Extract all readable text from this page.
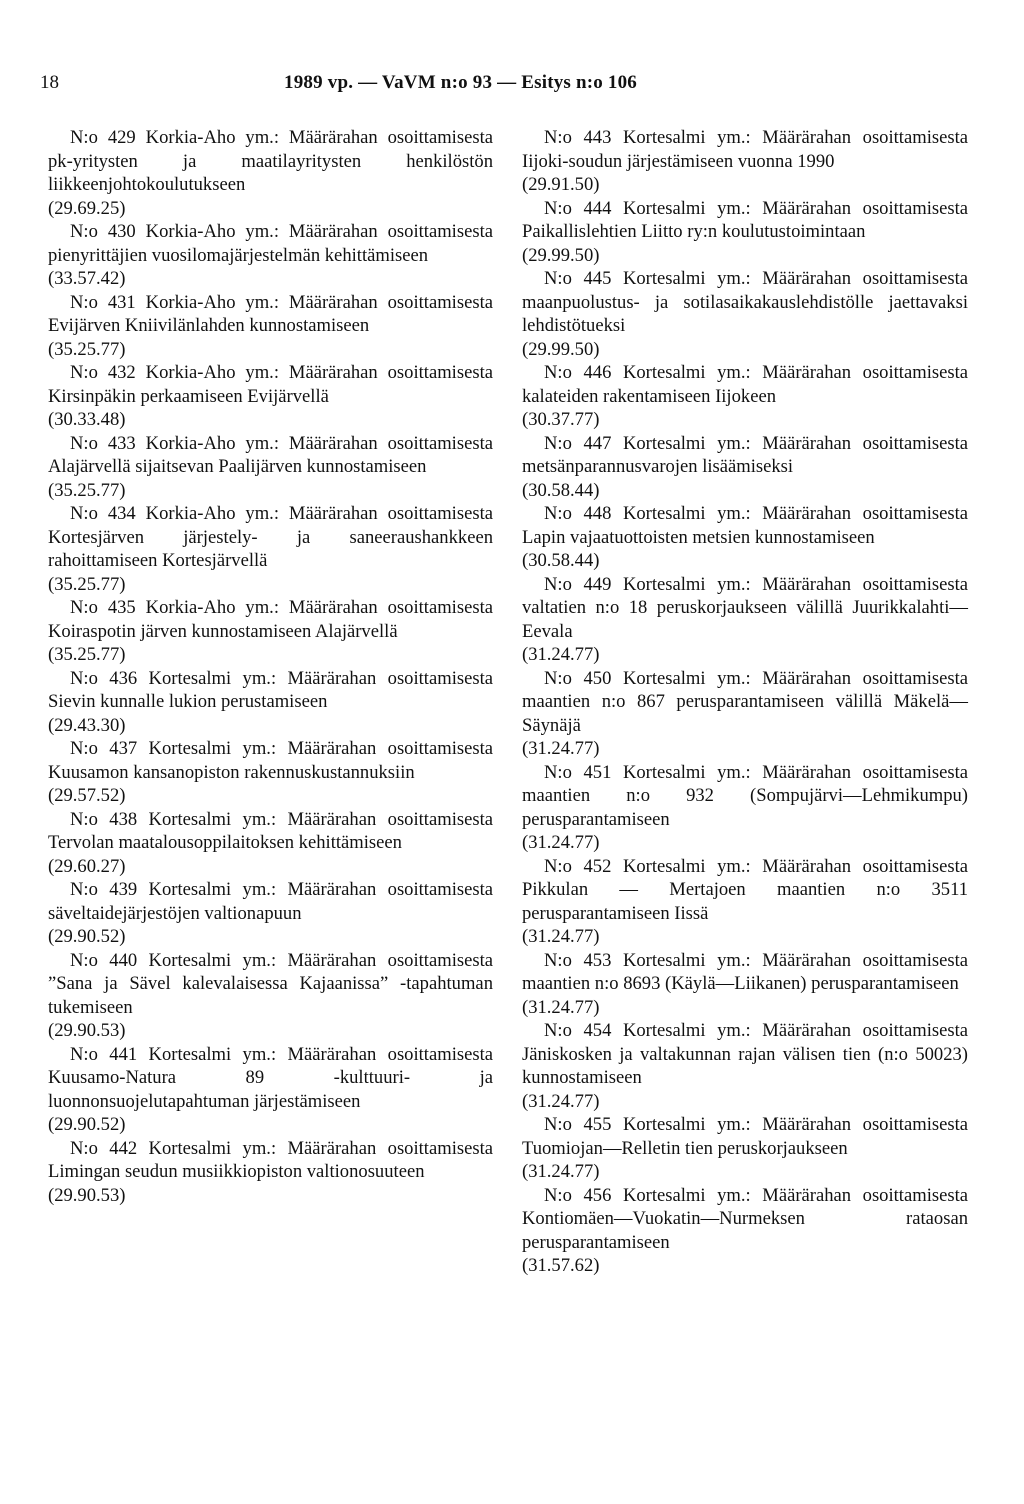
18	1989 vp. — VaVM n:o 93 — Esitys n:o 106

N:o 429 Korkia-Aho ym.: Määrärahan osoittamisesta pk-yritysten ja maatilayritysten henkilöstön liikkeenjohtokoulutukseen

(29.69.25)

N:o 430 Korkia-Aho ym.: Määrärahan osoittamisesta pienyrittäjien vuosilomajärjestelmän kehittämiseen

(33.57.42)

N:o 431 Korkia-Aho ym.: Määrärahan osoittamisesta Evijärven Kniivilänlahden kunnostamiseen

(35.25.77)

N:o 432 Korkia-Aho ym.: Määrärahan osoittamisesta Kirsinpäkin perkaamiseen Evijärvellä

(30.33.48)

N:o 433 Korkia-Aho ym.: Määrärahan osoittamisesta Alajärvellä sijaitsevan Paalijärven kunnostamiseen

(35.25.77)

N:o 434 Korkia-Aho ym.: Määrärahan osoittamisesta Kortesjärven järjestely- ja saneeraushankkeen rahoittamiseen Kortesjärvellä

(35.25.77)

N:o 435 Korkia-Aho ym.: Määrärahan osoittamisesta Koiraspotin järven kunnostamiseen Alajärvellä

(35.25.77)

N:o 436 Kortesalmi ym.: Määrärahan osoittamisesta Sievin kunnalle lukion perustamiseen

(29.43.30)

N:o 437 Kortesalmi ym.: Määrärahan osoittamisesta Kuusamon kansanopiston rakennuskustannuksiin

(29.57.52)

N:o 438 Kortesalmi ym.: Määrärahan osoittamisesta Tervolan maatalousoppilaitoksen kehittämiseen

(29.60.27)

N:o 439 Kortesalmi ym.: Määrärahan osoittamisesta säveltaidejärjestöjen valtionapuun

(29.90.52)

N:o 440 Kortesalmi ym.: Määrärahan osoittamisesta ”Sana ja Sävel kalevalaisessa Kajaanissa” -tapahtuman tukemiseen

(29.90.53)

N:o 441 Kortesalmi ym.: Määrärahan osoittamisesta Kuusamo-Natura 89 -kulttuuri- ja luonnonsuojelutapahtuman järjestämiseen

(29.90.52)

N:o 442 Kortesalmi ym.: Määrärahan osoittamisesta Limingan seudun musiikkiopiston valtionosuuteen

(29.90.53)

N:o 443 Kortesalmi ym.: Määrärahan osoittamisesta Iijoki-soudun järjestämiseen vuonna 1990

(29.91.50)

N:o 444 Kortesalmi ym.: Määrärahan osoittamisesta Paikallislehtien Liitto ry:n koulutustoimintaan

(29.99.50)

N:o 445 Kortesalmi ym.: Määrärahan osoittamisesta maanpuolustus- ja sotilasaikakauslehdistölle jaettavaksi lehdistötueksi

(29.99.50)

N:o 446 Kortesalmi ym.: Määrärahan osoittamisesta kalateiden rakentamiseen Iijokeen

(30.37.77)

N:o 447 Kortesalmi ym.: Määrärahan osoittamisesta metsänparannusvarojen lisäämiseksi

(30.58.44)

N:o 448 Kortesalmi ym.: Määrärahan osoittamisesta Lapin vajaatuottoisten metsien kunnostamiseen

(30.58.44)

N:o 449 Kortesalmi ym.: Määrärahan osoittamisesta valtatien n:o 18 peruskorjaukseen välillä Juurikkalahti—Eevala

(31.24.77)

N:o 450 Kortesalmi ym.: Määrärahan osoittamisesta maantien n:o 867 perusparantamiseen välillä Mäkelä—Säynäjä

(31.24.77)

N:o 451 Kortesalmi ym.: Määrärahan osoittamisesta maantien n:o 932 (Sompujärvi—Lehmikumpu) perusparantamiseen

(31.24.77)

N:o 452 Kortesalmi ym.: Määrärahan osoittamisesta Pikkulan — Mertajoen maantien n:o 3511 perusparantamiseen Iissä

(31.24.77)

N:o 453 Kortesalmi ym.: Määrärahan osoittamisesta maantien n:o 8693 (Käylä—Liikanen) perusparantamiseen

(31.24.77)

N:o 454 Kortesalmi ym.: Määrärahan osoittamisesta Jäniskosken ja valtakunnan rajan välisen tien (n:o 50023) kunnostamiseen

(31.24.77)

N:o 455 Kortesalmi ym.: Määrärahan osoittamisesta Tuomiojan—Relletin tien peruskorjaukseen

(31.24.77)

N:o 456 Kortesalmi ym.: Määrärahan osoittamisesta Kontiomäen—Vuokatin—Nurmeksen rataosan perusparantamiseen

(31.57.62)
